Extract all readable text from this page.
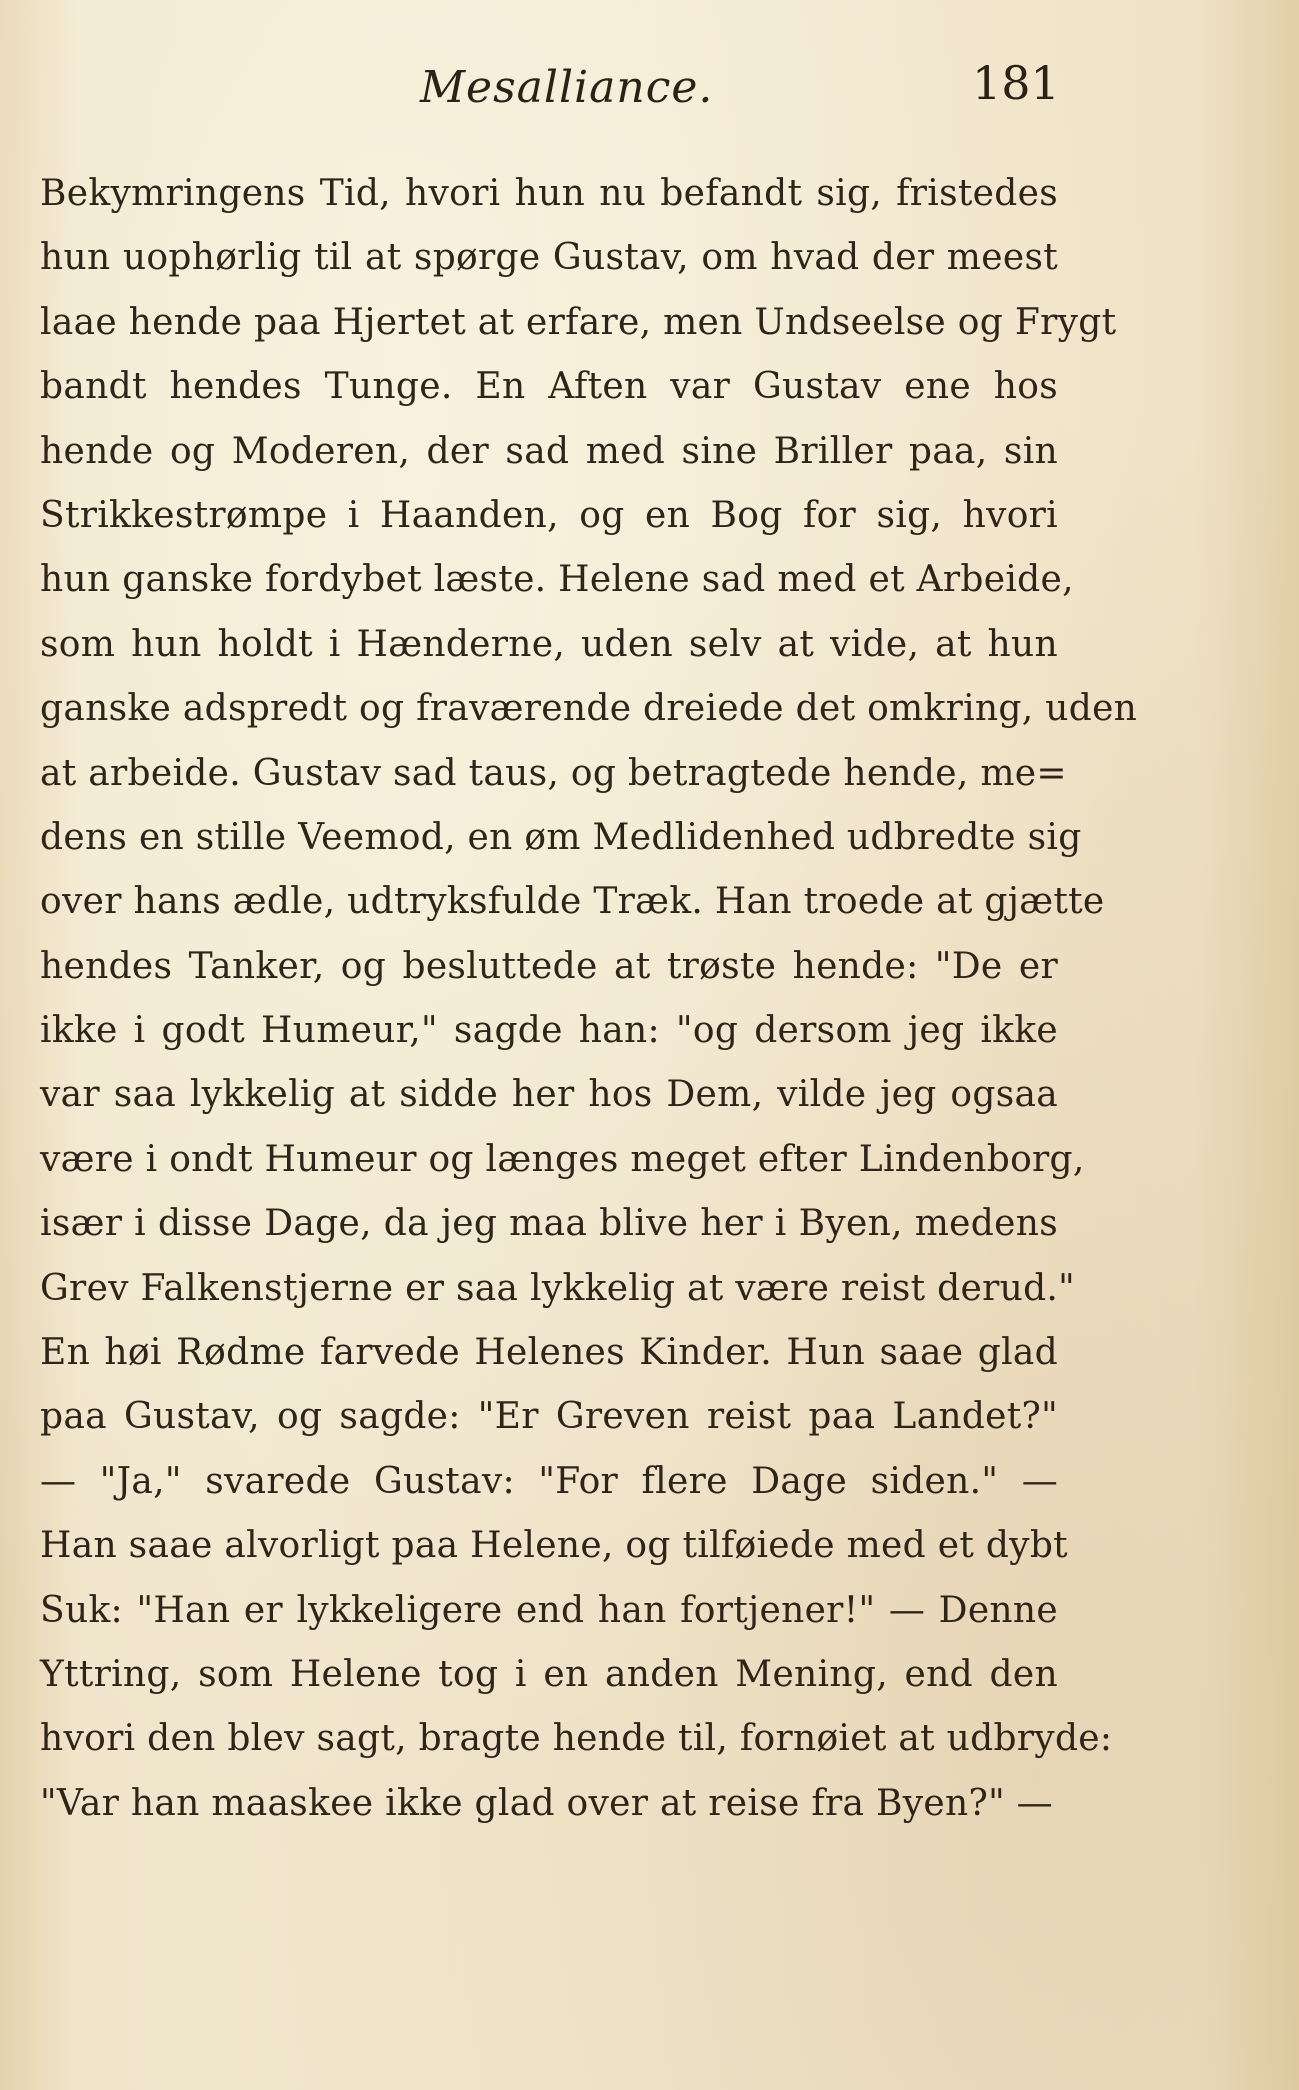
Mesalliance.	181
Bekymringens Tid, hvori hun nu befandt sig, fristedes
hun uophørlig til at spørge Gustav, om hvad der meest
laae hende paa Hjertet at erfare, men Undseelse og Frygt
bandt hendes Tunge. En Aften var Gustav ene hos
hende og Moderen, der sad med sine Briller paa, sin
Strikkestrømpe i Haanden, og en Bog for sig, hvori
hun ganske fordybet læste. Helene sad med et Arbeide,
som hun holdt i Hænderne, uden selv at vide, at hun
ganske adspredt og fraværende dreiede det omkring, uden
at arbeide. Gustav sad taus, og betragtede hende, me=
dens en stille Veemod, en øm Medlidenhed udbredte sig
over hans ædle, udtryksfulde Træk. Han troede at gjætte
hendes Tanker, og besluttede at trøste hende: "De er
ikke i godt Humeur," sagde han: "og dersom jeg ikke
var saa lykkelig at sidde her hos Dem, vilde jeg ogsaa
være i ondt Humeur og længes meget efter Lindenborg,
især i disse Dage, da jeg maa blive her i Byen, medens
Grev Falkenstjerne er saa lykkelig at være reist derud."
En høi Rødme farvede Helenes Kinder. Hun saae glad
paa Gustav, og sagde: "Er Greven reist paa Landet?"
— "Ja," svarede Gustav: "For flere Dage siden." —
Han saae alvorligt paa Helene, og tilføiede med et dybt
Suk: "Han er lykkeligere end han fortjener!" — Denne
Yttring, som Helene tog i en anden Mening, end den
hvori den blev sagt, bragte hende til, fornøiet at udbryde:
"Var han maaskee ikke glad over at reise fra Byen?" —
